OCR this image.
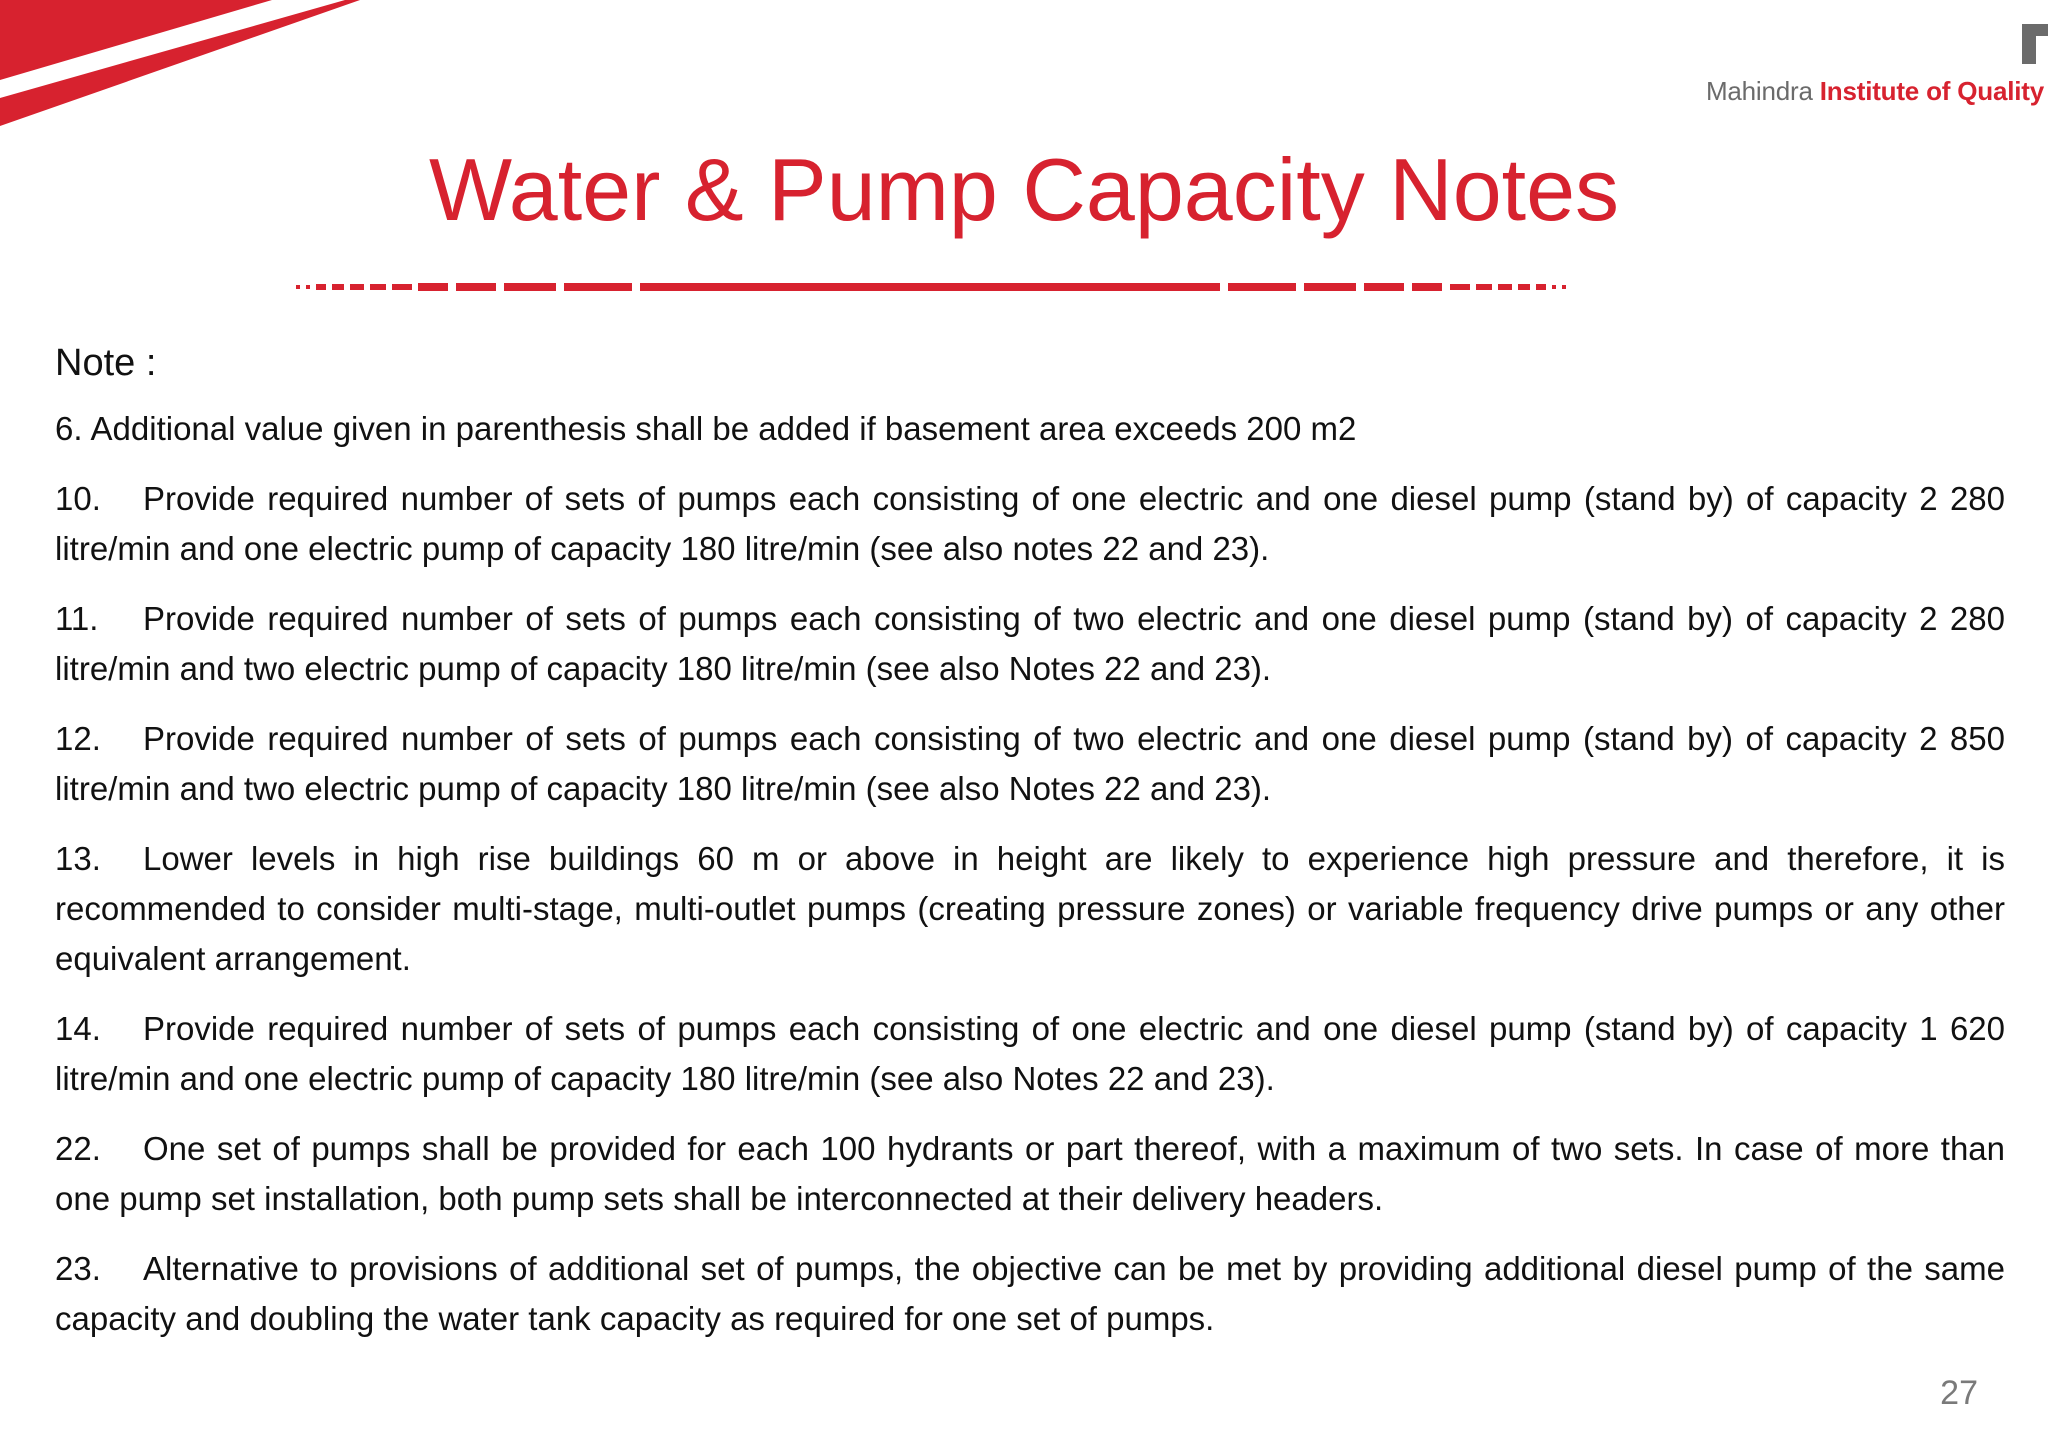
Mahindra Institute of Quality
Water & Pump Capacity Notes
Note :

6. Additional value given in parenthesis shall be added if basement area exceeds 200 m2

10. Provide required number of sets of pumps each consisting of one electric and one diesel pump (stand by) of capacity 2 280 litre/min and one electric pump of capacity 180 litre/min (see also notes 22 and 23).

11. Provide required number of sets of pumps each consisting of two electric and one diesel pump (stand by) of capacity 2 280 litre/min and two electric pump of capacity 180 litre/min (see also Notes 22 and 23).

12. Provide required number of sets of pumps each consisting of two electric and one diesel pump (stand by) of capacity 2 850 litre/min and two electric pump of capacity 180 litre/min (see also Notes 22 and 23).

13. Lower levels in high rise buildings 60 m or above in height are likely to experience high pressure and therefore, it is recommended to consider multi-stage, multi-outlet pumps (creating pressure zones) or variable frequency drive pumps or any other equivalent arrangement.

14. Provide required number of sets of pumps each consisting of one electric and one diesel pump (stand by) of capacity 1 620 litre/min and one electric pump of capacity 180 litre/min (see also Notes 22 and 23).

22. One set of pumps shall be provided for each 100 hydrants or part thereof, with a maximum of two sets. In case of more than one pump set installation, both pump sets shall be interconnected at their delivery headers.

23. Alternative to provisions of additional set of pumps, the objective can be met by providing additional diesel pump of the same capacity and doubling the water tank capacity as required for one set of pumps.

27
